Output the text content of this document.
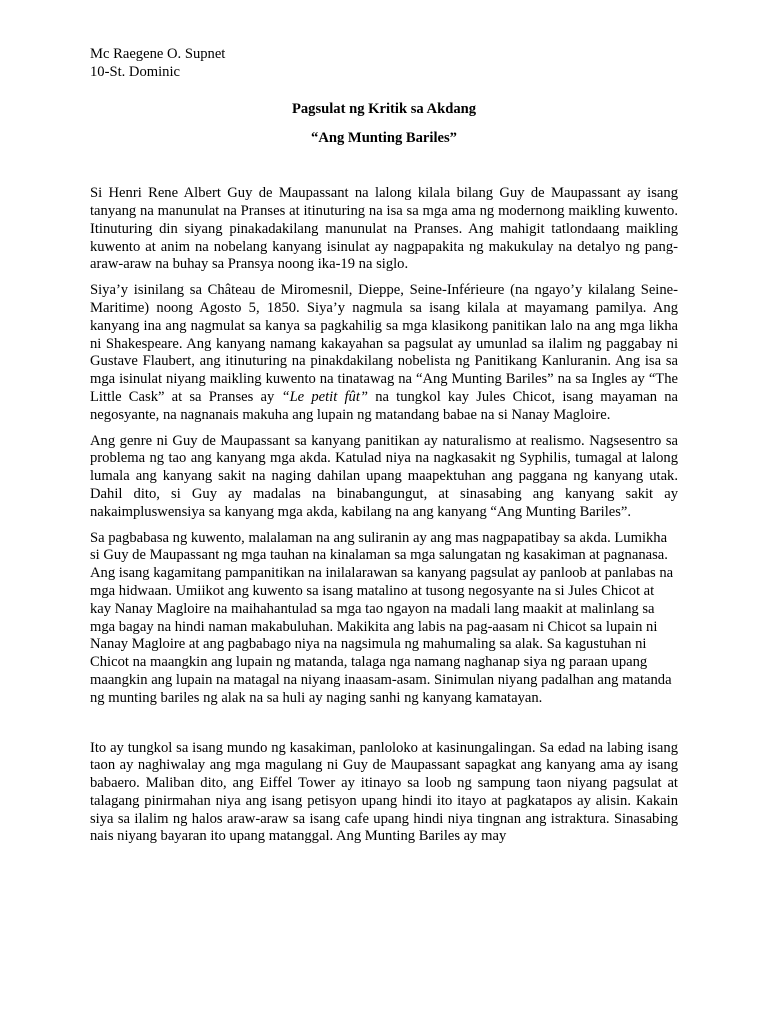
Mc Raegene O. Supnet

10-St. Dominic

Pagsulat ng Kritik sa Akdang

“Ang Munting Bariles”

Si Henri Rene Albert Guy de Maupassant na lalong kilala bilang Guy de Maupassant ay isang tanyang na manunulat na Pranses at itinuturing na isa sa mga ama ng modernong maikling kuwento. Itinuturing din siyang pinakadakilang manunulat na Pranses. Ang mahigit tatlondaang maikling kuwento at anim na nobelang kanyang isinulat ay nagpapakita ng makukulay na detalyo ng pang-araw-araw na buhay sa Pransya noong ika-19 na siglo.

Siya’y isinilang sa Château de Miromesnil, Dieppe, Seine-Inférieure (na ngayo’y kilalang Seine-Maritime) noong Agosto 5, 1850. Siya’y nagmula sa isang kilala at mayamang pamilya. Ang kanyang ina ang nagmulat sa kanya sa pagkahilig sa mga klasikong panitikan lalo na ang mga likha ni Shakespeare. Ang kanyang namang kakayahan sa pagsulat ay umunlad sa ilalim ng paggabay ni Gustave Flaubert, ang itinuturing na pinakdakilang nobelista ng Panitikang Kanluranin. Ang isa sa mga isinulat niyang maikling kuwento na tinatawag na “Ang Munting Bariles” na sa Ingles ay “The Little Cask” at sa Pranses ay “Le petit fût” na tungkol kay Jules Chicot, isang mayaman na negosyante, na nagnanais makuha ang lupain ng matandang babae na si Nanay Magloire.

Ang genre ni Guy de Maupassant sa kanyang panitikan ay naturalismo at realismo. Nagsesentro sa problema ng tao ang kanyang mga akda. Katulad niya na nagkasakit ng Syphilis, tumagal at lalong lumala ang kanyang sakit na naging dahilan upang maapektuhan ang paggana ng kanyang utak. Dahil dito, si Guy ay madalas na binabangungut, at sinasabing ang kanyang sakit ay nakaimpluswensiya sa kanyang mga akda, kabilang na ang kanyang “Ang Munting Bariles”.

Sa pagbabasa ng kuwento, malalaman na ang suliranin ay ang mas nagpapatibay sa akda. Lumikha si Guy de Maupassant ng mga tauhan na kinalaman sa mga salungatan ng kasakiman at pagnanasa. Ang isang kagamitang pampanitikan na inilalarawan sa kanyang pagsulat ay panloob at panlabas na mga hidwaan. Umiikot ang kuwento sa isang matalino at tusong negosyante na si Jules Chicot at kay Nanay Magloire na maihahantulad sa mga tao ngayon na madali lang maakit at malinlang sa mga bagay na hindi naman makabuluhan. Makikita ang labis na pag-aasam ni Chicot sa lupain ni Nanay Magloire at ang pagbabago niya na nagsimula ng mahumaling sa alak. Sa kagustuhan ni Chicot na maangkin ang lupain ng matanda, talaga nga namang naghanap siya ng paraan upang maangkin ang lupain na matagal na niyang inaasam-asam. Sinimulan niyang padalhan ang matanda ng munting bariles ng alak na sa huli ay naging sanhi ng kanyang kamatayan.

Ito ay tungkol sa isang mundo ng kasakiman, panloloko at kasinungalingan. Sa edad na labing isang taon ay naghiwalay ang mga magulang ni Guy de Maupassant sapagkat ang kanyang ama ay isang babaero. Maliban dito, ang Eiffel Tower ay itinayo sa loob ng sampung taon niyang pagsulat at talagang pinirmahan niya ang isang petisyon upang hindi ito itayo at pagkatapos ay alisin. Kakain siya sa ilalim ng halos araw-araw sa isang cafe upang hindi niya tingnan ang istraktura. Sinasabing nais niyang bayaran ito upang matanggal. Ang Munting Bariles ay may
